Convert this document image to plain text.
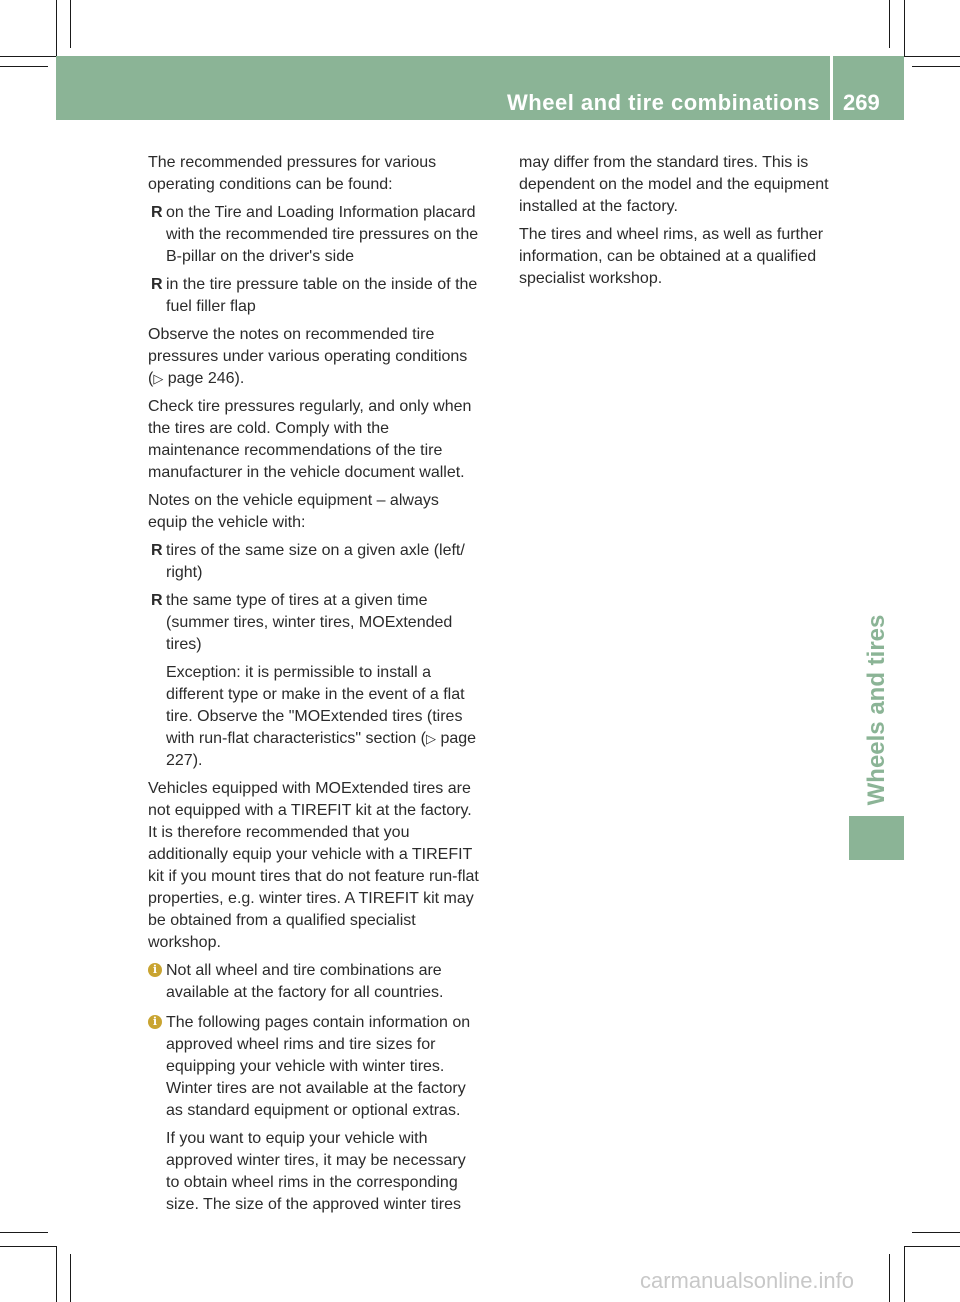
Wheel and tire combinations 269
Wheels and tires

The recommended pressures for various operating conditions can be found:

R on the Tire and Loading Information placard with the recommended tire pressures on the B-pillar on the driver's side
R in the tire pressure table on the inside of the fuel filler flap

Observe the notes on recommended tire pressures under various operating conditions (▷ page 246).

Check tire pressures regularly, and only when the tires are cold. Comply with the maintenance recommendations of the tire manufacturer in the vehicle document wallet.

Notes on the vehicle equipment – always equip the vehicle with:

R tires of the same size on a given axle (left/ right)
R the same type of tires at a given time (summer tires, winter tires, MOExtended tires)
Exception: it is permissible to install a different type or make in the event of a flat tire. Observe the "MOExtended tires (tires with run-flat characteristics" section (▷ page 227).

Vehicles equipped with MOExtended tires are not equipped with a TIREFIT kit at the factory. It is therefore recommended that you additionally equip your vehicle with a TIREFIT kit if you mount tires that do not feature run-flat properties, e.g. winter tires. A TIREFIT kit may be obtained from a qualified specialist workshop.

i Not all wheel and tire combinations are available at the factory for all countries.

i The following pages contain information on approved wheel rims and tire sizes for equipping your vehicle with winter tires. Winter tires are not available at the factory as standard equipment or optional extras.

If you want to equip your vehicle with approved winter tires, it may be necessary to obtain wheel rims in the corresponding size. The size of the approved winter tires

may differ from the standard tires. This is dependent on the model and the equipment installed at the factory.

The tires and wheel rims, as well as further information, can be obtained at a qualified specialist workshop.

carmanualsonline.info
